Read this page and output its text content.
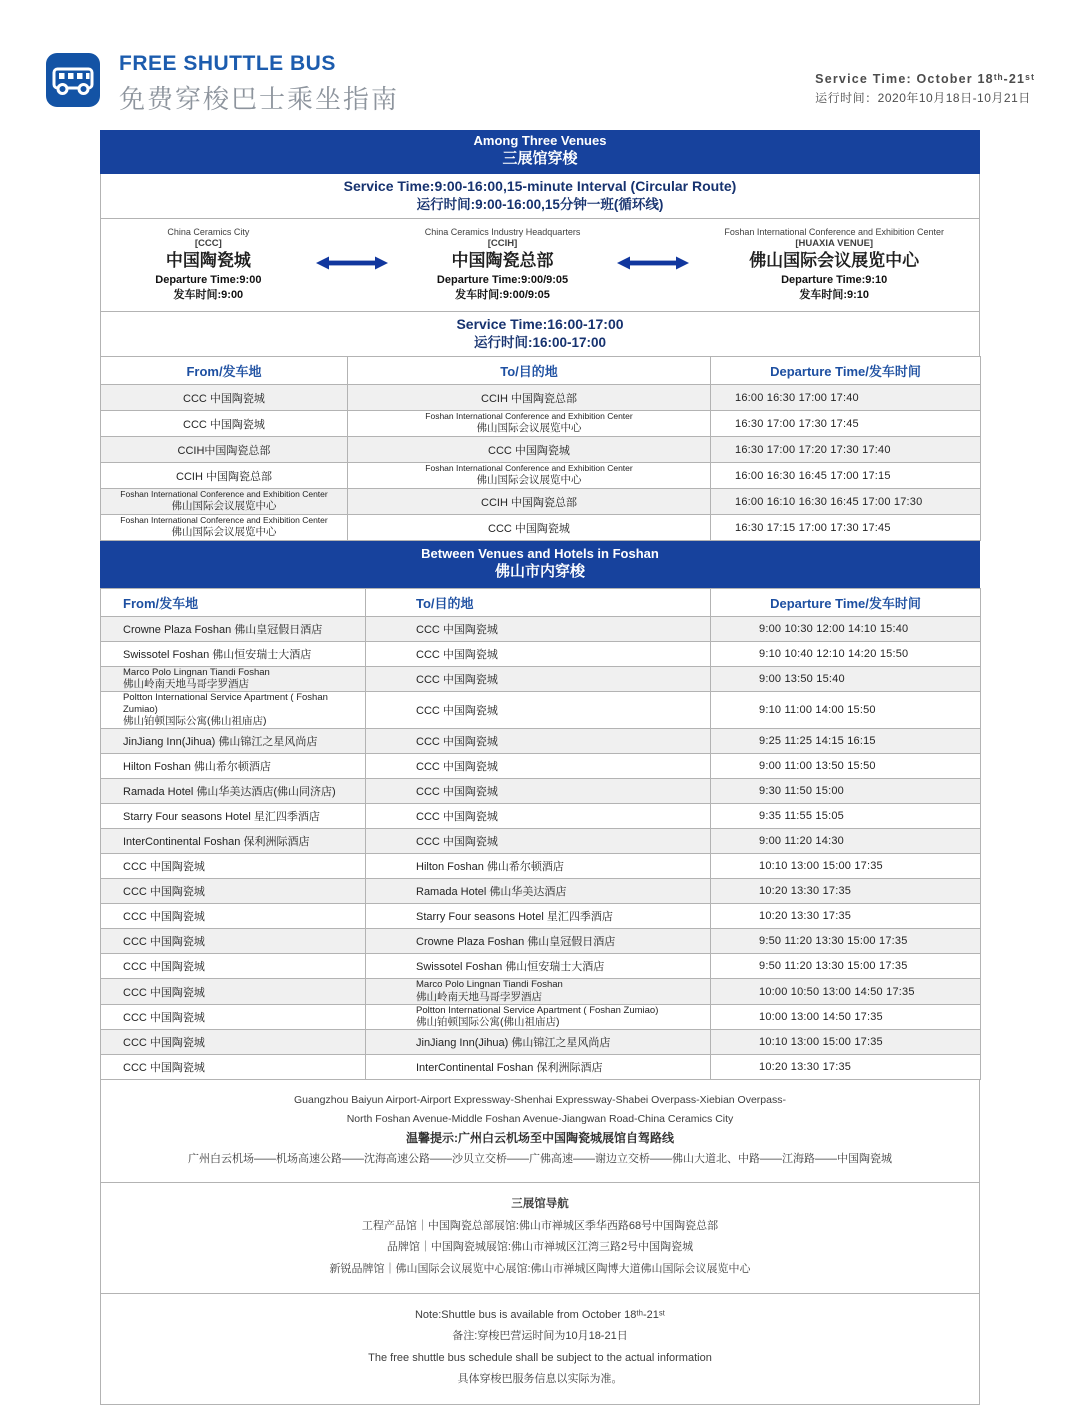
FREE SHUTTLE BUS
免费穿梭巴士乘坐指南
Service Time: October 18ᵗʰ-21ˢᵗ
运行时间：2020年10月18日-10月21日
Among Three Venues
三展馆穿梭
Service Time:9:00-16:00,15-minute Interval (Circular Route)
运行时间:9:00-16:00,15分钟一班(循环线)
China Ceramics City
[CCC]
中国陶瓷城
Departure Time:9:00
发车时间:9:00
China Ceramics Industry Headquarters
[CCIH]
中国陶瓷总部
Departure Time:9:00/9:05
发车时间:9:00/9:05
Foshan International Conference and Exhibition Center
[HUAXIA VENUE]
佛山国际会议展览中心
Departure Time:9:10
发车时间:9:10
Service Time:16:00-17:00
运行时间:16:00-17:00
From/发车地	To/目的地	Departure Time/发车时间
CCC 中国陶瓷城	CCIH 中国陶瓷总部	16:00 16:30 17:00 17:40
CCC 中国陶瓷城	Foshan International Conference and Exhibition Center
佛山国际会议展览中心	16:30 17:00 17:30 17:45
CCIH中国陶瓷总部	CCC 中国陶瓷城	16:30 17:00 17:20 17:30 17:40
CCIH 中国陶瓷总部	Foshan International Conference and Exhibition Center
佛山国际会议展览中心	16:00 16:30 16:45 17:00 17:15

Foshan International Conference and Exhibition Center
佛山国际会议展览中心	CCIH 中国陶瓷总部	16:00 16:10 16:30 16:45 17:00 17:30

Foshan International Conference and Exhibition Center
佛山国际会议展览中心	CCC 中国陶瓷城	16:30 17:15 17:00 17:30 17:45
Between Venues and Hotels in Foshan
佛山市内穿梭
From/发车地	To/目的地	Departure Time/发车时间
Crowne Plaza Foshan 佛山皇冠假日酒店	CCC 中国陶瓷城	9:00 10:30 12:00 14:10 15:40
Swissotel Foshan 佛山恒安瑞士大酒店	CCC 中国陶瓷城	9:10 10:40 12:10 14:20 15:50

Marco Polo Lingnan Tiandi Foshan
佛山岭南天地马哥孛罗酒店	CCC 中国陶瓷城	9:00 13:50 15:40

Poltton International Service Apartment ( Foshan Zumiao)
佛山铂顿国际公寓(佛山祖庙店)	CCC 中国陶瓷城	9:10 11:00 14:00 15:50
JinJiang Inn(Jihua) 佛山锦江之星风尚店	CCC 中国陶瓷城	9:25 11:25 14:15 16:15
Hilton Foshan 佛山希尔顿酒店	CCC 中国陶瓷城	9:00 11:00 13:50 15:50
Ramada Hotel 佛山华美达酒店(佛山同济店)	CCC 中国陶瓷城	9:30 11:50 15:00
Starry Four seasons Hotel 星汇四季酒店	CCC 中国陶瓷城	9:35 11:55 15:05
InterContinental Foshan 保利洲际酒店	CCC 中国陶瓷城	9:00 11:20 14:30
CCC 中国陶瓷城	Hilton Foshan 佛山希尔顿酒店	10:10 13:00 15:00 17:35
CCC 中国陶瓷城	Ramada Hotel 佛山华美达酒店	10:20 13:30 17:35
CCC 中国陶瓷城	Starry Four seasons Hotel 星汇四季酒店	10:20 13:30 17:35
CCC 中国陶瓷城	Crowne Plaza Foshan 佛山皇冠假日酒店	9:50 11:20 13:30 15:00 17:35
CCC 中国陶瓷城	Swissotel Foshan 佛山恒安瑞士大酒店	9:50 11:20 13:30 15:00 17:35
CCC 中国陶瓷城	Marco Polo Lingnan Tiandi Foshan
佛山岭南天地马哥孛罗酒店	10:00 10:50 13:00 14:50 17:35
CCC 中国陶瓷城	Poltton International Service Apartment ( Foshan Zumiao)
佛山铂顿国际公寓(佛山祖庙店)	10:00 13:00 14:50 17:35
CCC 中国陶瓷城	JinJiang Inn(Jihua) 佛山锦江之星风尚店	10:10 13:00 15:00 17:35
CCC 中国陶瓷城	InterContinental Foshan 保利洲际酒店	10:20 13:30 17:35
Guangzhou Baiyun Airport-Airport Expressway-Shenhai Expressway-Shabei Overpass-Xiebian Overpass-
North Foshan Avenue-Middle Foshan Avenue-Jiangwan Road-China Ceramics City
温馨提示:广州白云机场至中国陶瓷城展馆自驾路线
广州白云机场——机场高速公路——沈海高速公路——沙贝立交桥——广佛高速——谢边立交桥——佛山大道北、中路——江海路——中国陶瓷城
三展馆导航
工程产品馆｜中国陶瓷总部展馆:佛山市禅城区季华西路68号中国陶瓷总部
品牌馆｜中国陶瓷城展馆:佛山市禅城区江湾三路2号中国陶瓷城
新锐品牌馆｜佛山国际会议展览中心展馆:佛山市禅城区陶博大道佛山国际会议展览中心
Note:Shuttle bus is available from October 18ᵗʰ-21ˢᵗ
备注:穿梭巴营运时间为10月18-21日
The free shuttle bus schedule shall be subject to the actual information
具体穿梭巴服务信息以实际为准。
